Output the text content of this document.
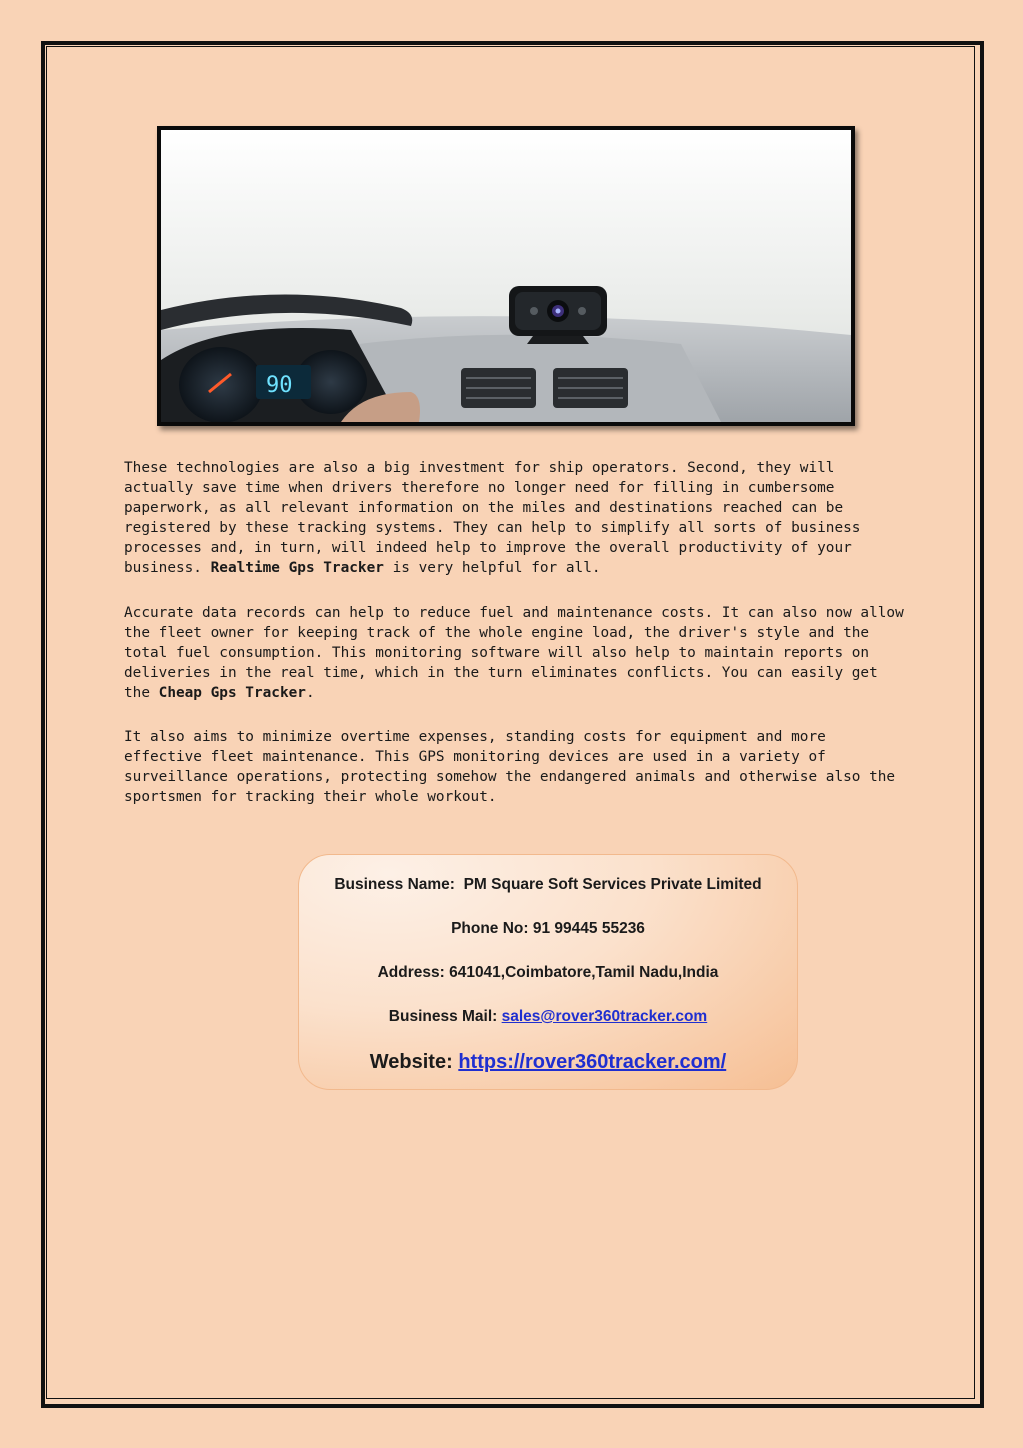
90

These technologies are also a big investment for ship operators. Second, they will actually save time when drivers therefore no longer need for filling in cumbersome paperwork, as all relevant information on the miles and destinations reached can be registered by these tracking systems. They can help to simplify all sorts of business processes and, in turn, will indeed help to improve the overall productivity of your business. Realtime Gps Tracker is very helpful for all.

Accurate data records can help to reduce fuel and maintenance costs. It can also now allow the fleet owner for keeping track of the whole engine load, the driver's style and the total fuel consumption. This monitoring software will also help to maintain reports on deliveries in the real time, which in the turn eliminates conflicts. You can easily get the Cheap Gps Tracker.

It also aims to minimize overtime expenses, standing costs for equipment and more effective fleet maintenance. This GPS monitoring devices are used in a variety of surveillance operations, protecting somehow the endangered animals and otherwise also the sportsmen for tracking their whole workout.

Business Name: PM Square Soft Services Private Limited
Phone No: 91 99445 55236
Address: 641041,Coimbatore,Tamil Nadu,India
Business Mail: sales@rover360tracker.com
Website: https://rover360tracker.com/
